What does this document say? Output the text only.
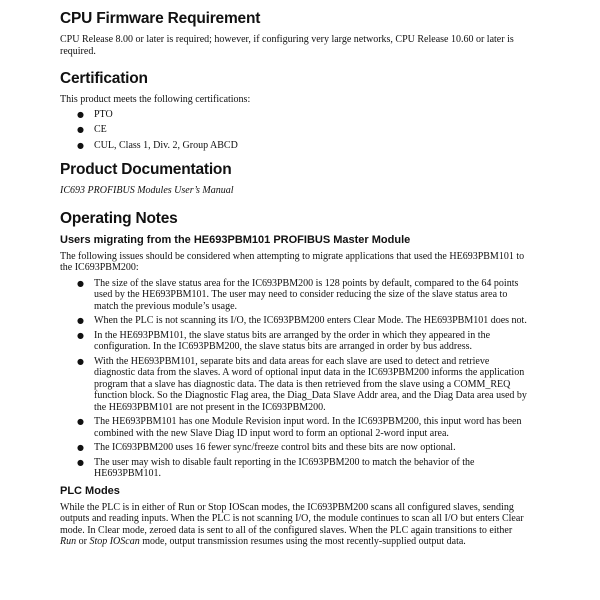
CPU Firmware Requirement

CPU Release 8.00 or later is required; however, if configuring very large networks, CPU Release 10.60 or later is required.

Certification

This product meets the following certifications:

● PTO
● CE
● CUL, Class 1, Div. 2, Group ABCD
Product Documentation

IC693 PROFIBUS Modules User’s Manual

Operating Notes
Users migrating from the HE693PBM101 PROFIBUS Master Module

The following issues should be considered when attempting to migrate applications that used the HE693PBM101 to the IC693PBM200:

● The size of the slave status area for the IC693PBM200 is 128 points by default, compared to the 64 points used by the HE693PBM101. The user may need to consider reducing the size of the slave status area to match the previous module’s usage.
● When the PLC is not scanning its I/O, the IC693PBM200 enters Clear Mode. The HE693PBM101 does not.
● In the HE693PBM101, the slave status bits are arranged by the order in which they appeared in the configuration. In the IC693PBM200, the slave status bits are arranged in order by bus address.
● With the HE693PBM101, separate bits and data areas for each slave are used to detect and retrieve diagnostic data from the slaves. A word of optional input data in the IC693PBM200 informs the application program that a slave has diagnostic data. The data is then retrieved from the slave using a COMM_REQ function block. So the Diagnostic Flag area, the Diag_Data Slave Addr area, and the Diag Data area used by the HE693PBM101 are not present in the IC693PBM200.
● The HE693PBM101 has one Module Revision input word. In the IC693PBM200, this input word has been combined with the new Slave Diag ID input word to form an optional 2-word input area.
● The IC693PBM200 uses 16 fewer sync/freeze control bits and these bits are now optional.
● The user may wish to disable fault reporting in the IC693PBM200 to match the behavior of the HE693PBM101.
PLC Modes

While the PLC is in either of Run or Stop IOScan modes, the IC693PBM200 scans all configured slaves, sending outputs and reading inputs. When the PLC is not scanning I/O, the module continues to scan all I/O but enters Clear mode. In Clear mode, zeroed data is sent to all of the configured slaves. When the PLC again transitions to either Run or Stop IOScan mode, output transmission resumes using the most recently-supplied output data.
